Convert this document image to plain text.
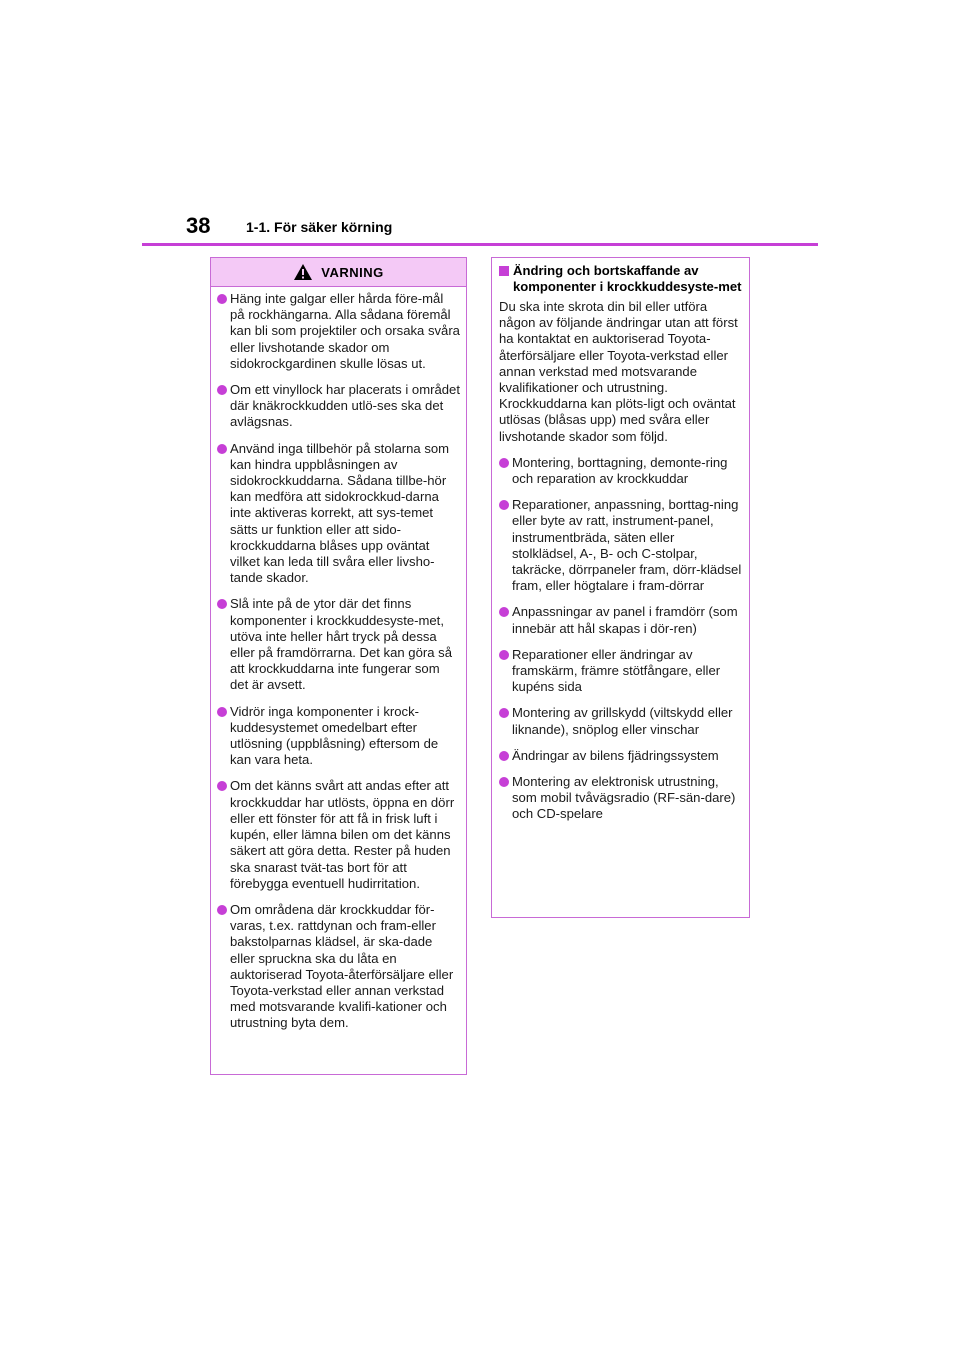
38	1-1. För säker körning
VARNING
Häng inte galgar eller hårda före-mål på rockhängarna. Alla sådana föremål kan bli som projektiler och orsaka svåra eller livshotande skador om sidokrockgardinen skulle lösas ut.
Om ett vinyllock har placerats i området där knäkrockkudden utlö-ses ska det avlägsnas.
Använd inga tillbehör på stolarna som kan hindra uppblåsningen av sidokrockkuddarna. Sådana tillbe-hör kan medföra att sidokrockkud-darna inte aktiveras korrekt, att sys-temet sätts ur funktion eller att sido-krockkuddarna blåses upp oväntat vilket kan leda till svåra eller livsho-tande skador.
Slå inte på de ytor där det finns komponenter i krockkuddesyste-met, utöva inte heller hårt tryck på dessa eller på framdörrarna. Det kan göra så att krockkuddarna inte fungerar som det är avsett.
Vidrör inga komponenter i krock-kuddesystemet omedelbart efter utlösning (uppblåsning) eftersom de kan vara heta.
Om det känns svårt att andas efter att krockkuddar har utlösts, öppna en dörr eller ett fönster för att få in frisk luft i kupén, eller lämna bilen om det känns säkert att göra detta. Rester på huden ska snarast tvät-tas bort för att förebygga eventuell hudirritation.
Om områdena där krockkuddar för-varas, t.ex. rattdynan och fram-eller bakstolparnas klädsel, är ska-dade eller spruckna ska du låta en auktoriserad Toyota-återförsäljare eller Toyota-verkstad eller annan verkstad med motsvarande kvalifi-kationer och utrustning byta dem.
Ändring och bortskaffande av komponenter i krockkuddesyste-met
Du ska inte skrota din bil eller utföra någon av följande ändringar utan att först ha kontaktat en auktoriserad Toyota-återförsäljare eller Toyota-verkstad eller annan verkstad med motsvarande kvalifikationer och utrustning. Krockkuddarna kan plöts-ligt och oväntat utlösas (blåsas upp) med svåra eller livshotande skador som följd.
Montering, borttagning, demonte-ring och reparation av krockkuddar
Reparationer, anpassning, borttag-ning eller byte av ratt, instrument-panel, instrumentbräda, säten eller stolklädsel, A-, B- och C-stolpar, takräcke, dörrpaneler fram, dörr-klädsel fram, eller högtalare i fram-dörrar
Anpassningar av panel i framdörr (som innebär att hål skapas i dör-ren)
Reparationer eller ändringar av framskärm, främre stötfångare, eller kupéns sida
Montering av grillskydd (viltskydd eller liknande), snöplog eller vinschar
Ändringar av bilens fjädringssystem
Montering av elektronisk utrustning, som mobil tvåvägsradio (RF-sän-dare) och CD-spelare
